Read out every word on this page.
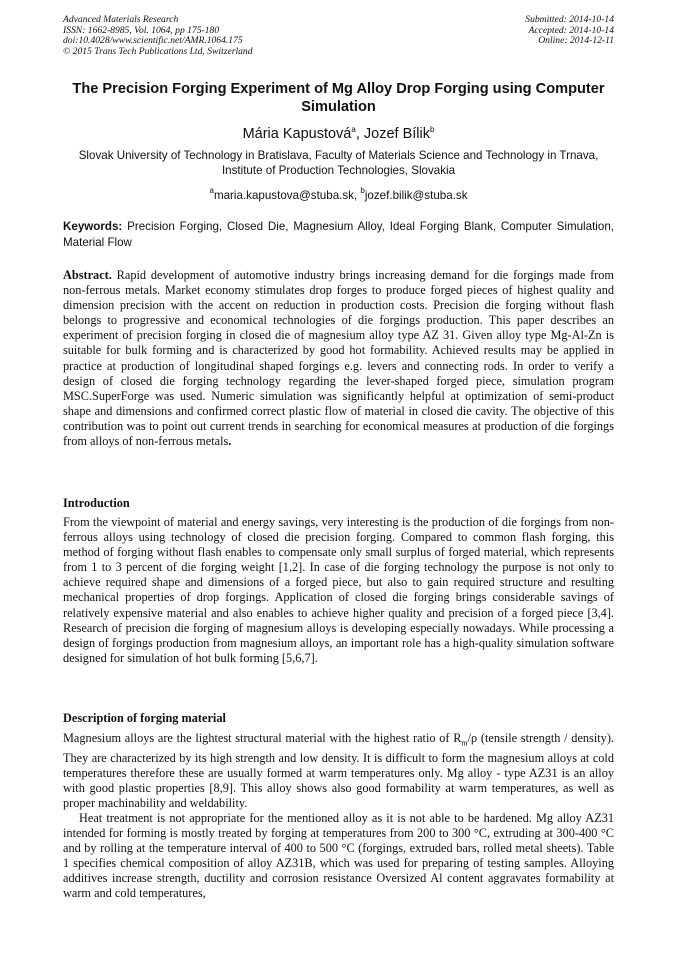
Advanced Materials Research
ISSN: 1662-8985, Vol. 1064, pp 175-180
doi:10.4028/www.scientific.net/AMR.1064.175
© 2015 Trans Tech Publications Ltd, Switzerland
Submitted: 2014-10-14
Accepted: 2014-10-14
Online: 2014-12-11
The Precision Forging Experiment of Mg Alloy Drop Forging using Computer Simulation
Mária Kapustová$^a$, Jozef Bílik$^b$
Slovak University of Technology in Bratislava, Faculty of Materials Science and Technology in Trnava, Institute of Production Technologies, Slovakia
$^a$maria.kapustova@stuba.sk, $^b$jozef.bilik@stuba.sk
Keywords: Precision Forging, Closed Die, Magnesium Alloy, Ideal Forging Blank, Computer Simulation, Material Flow
Abstract. Rapid development of automotive industry brings increasing demand for die forgings made from non-ferrous metals. Market economy stimulates drop forges to produce forged pieces of highest quality and dimension precision with the accent on reduction in production costs. Precision die forging without flash belongs to progressive and economical technologies of die forgings production. This paper describes an experiment of precision forging in closed die of magnesium alloy type AZ 31. Given alloy type Mg-Al-Zn is suitable for bulk forming and is characterized by good hot formability. Achieved results may be applied in practice at production of longitudinal shaped forgings e.g. levers and connecting rods. In order to verify a design of closed die forging technology regarding the lever-shaped forged piece, simulation program MSC.SuperForge was used. Numeric simulation was significantly helpful at optimization of semi-product shape and dimensions and confirmed correct plastic flow of material in closed die cavity. The objective of this contribution was to point out current trends in searching for economical measures at production of die forgings from alloys of non-ferrous metals.
Introduction
From the viewpoint of material and energy savings, very interesting is the production of die forgings from non-ferrous alloys using technology of closed die precision forging. Compared to common flash forging, this method of forging without flash enables to compensate only small surplus of forged material, which represents from 1 to 3 percent of die forging weight [1,2]. In case of die forging technology the purpose is not only to achieve required shape and dimensions of a forged piece, but also to gain required structure and resulting mechanical properties of drop forgings. Application of closed die forging brings considerable savings of relatively expensive material and also enables to achieve higher quality and precision of a forged piece [3,4]. Research of precision die forging of magnesium alloys is developing especially nowadays. While processing a design of forgings production from magnesium alloys, an important role has a high-quality simulation software designed for simulation of hot bulk forming [5,6,7].
Description of forging material

Magnesium alloys are the lightest structural material with the highest ratio of $R_m/\rho$ (tensile strength / density). They are characterized by its high strength and low density. It is difficult to form the magnesium alloys at cold temperatures therefore these are usually formed at warm temperatures only. Mg alloy - type AZ31 is an alloy with good plastic properties [8,9]. This alloy shows also good formability at warm temperatures, as well as proper machinability and weldability.

Heat treatment is not appropriate for the mentioned alloy as it is not able to be hardened. Mg alloy AZ31 intended for forming is mostly treated by forging at temperatures from 200 to 300 °C, extruding at 300-400 °C and by rolling at the temperature interval of 400 to 500 °C (forgings, extruded bars, rolled metal sheets). Table 1 specifies chemical composition of alloy AZ31B, which was used for preparing of testing samples. Alloying additives increase strength, ductility and corrosion resistance Oversized Al content aggravates formability at warm and cold temperatures,
